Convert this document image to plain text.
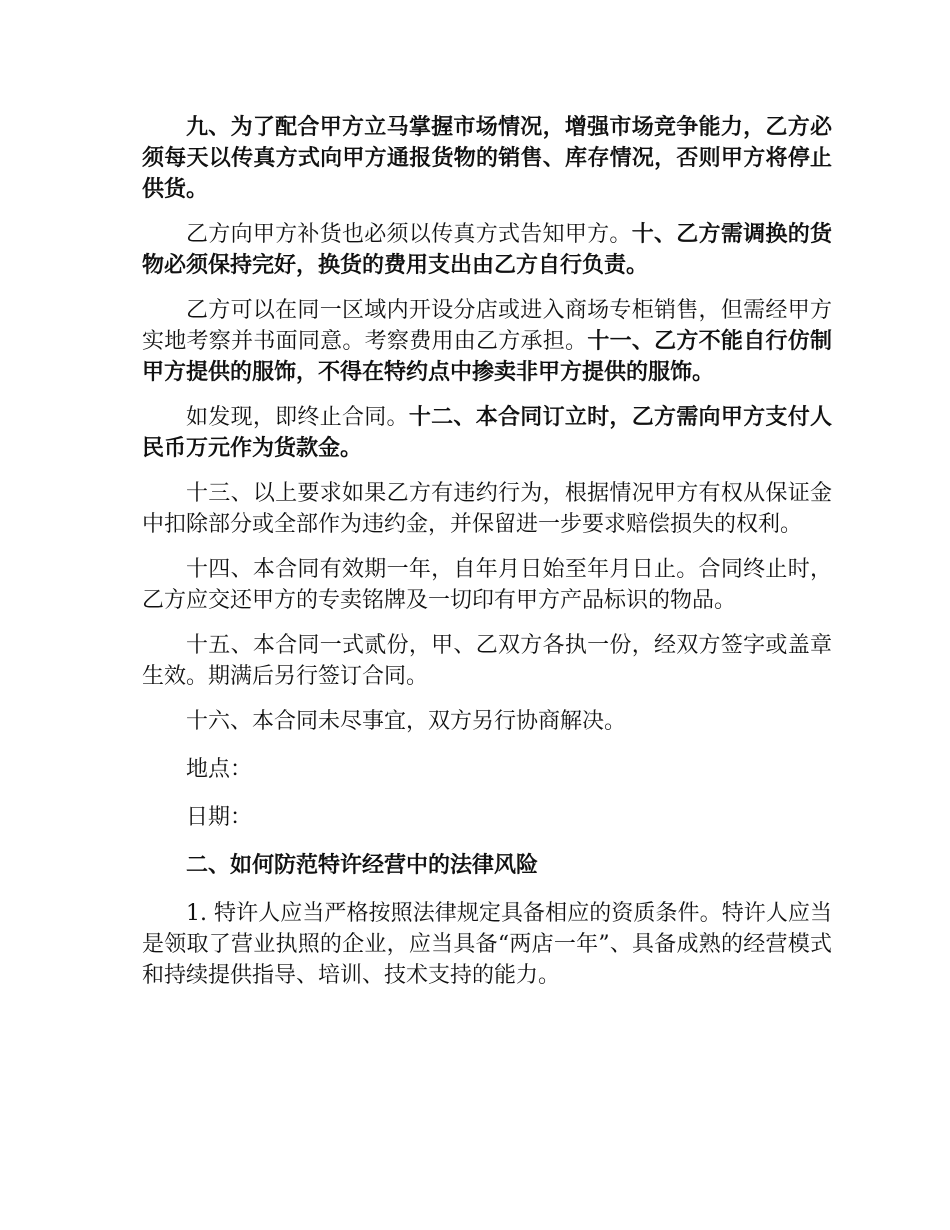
九、为了配合甲方立马掌握市场情况，增强市场竞争能力，乙方必须每天以传真方式向甲方通报货物的销售、库存情况，否则甲方将停止供货。

乙方向甲方补货也必须以传真方式告知甲方。十、乙方需调换的货物必须保持完好，换货的费用支出由乙方自行负责。

乙方可以在同一区域内开设分店或进入商场专柜销售，但需经甲方实地考察并书面同意。考察费用由乙方承担。十一、乙方不能自行仿制甲方提供的服饰，不得在特约点中掺卖非甲方提供的服饰。

如发现，即终止合同。十二、本合同订立时，乙方需向甲方支付人民币万元作为货款金。

十三、以上要求如果乙方有违约行为，根据情况甲方有权从保证金中扣除部分或全部作为违约金，并保留进一步要求赔偿损失的权利。

十四、本合同有效期一年，自年月日始至年月日止。合同终止时，乙方应交还甲方的专卖铭牌及一切印有甲方产品标识的物品。

十五、本合同一式贰份，甲、乙双方各执一份，经双方签字或盖章生效。期满后另行签订合同。

十六、本合同未尽事宜，双方另行协商解决。

地点：

日期：

二、如何防范特许经营中的法律风险

1. 特许人应当严格按照法律规定具备相应的资质条件。特许人应当是领取了营业执照的企业，应当具备“两店一年”、具备成熟的经营模式和持续提供指导、培训、技术支持的能力。
